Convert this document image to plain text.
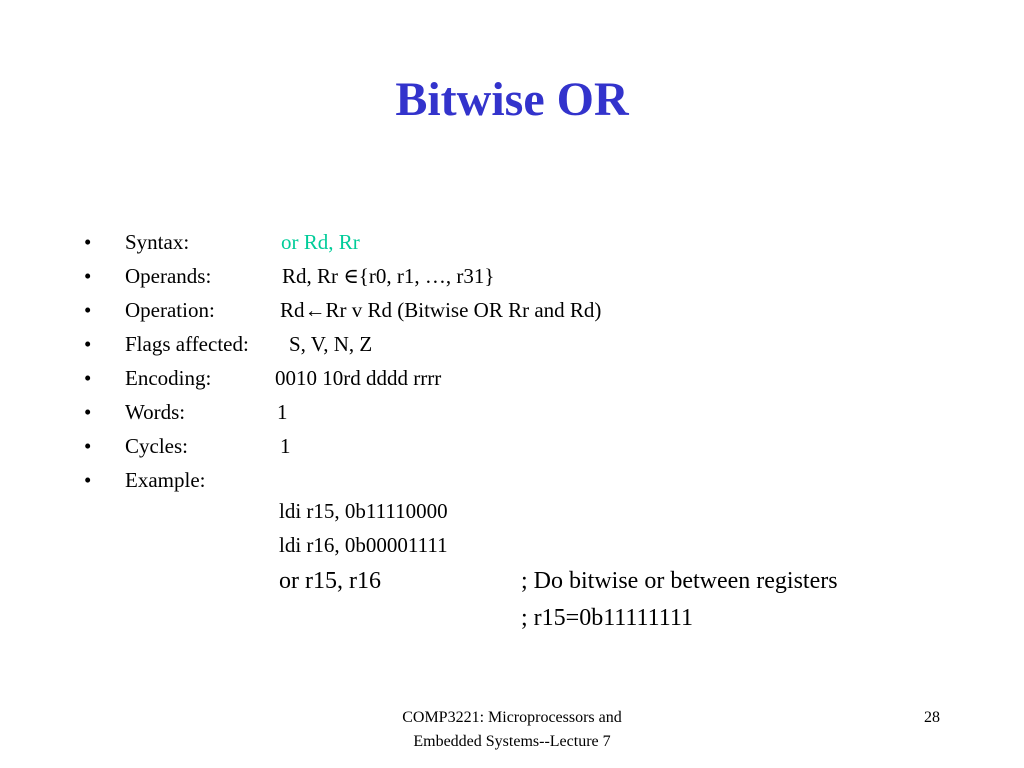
Bitwise OR
• Syntax:	or Rd, Rr
• Operands:	Rd, Rr ∈{r0, r1, …, r31}
• Operation:	Rd←Rr v Rd (Bitwise OR Rr and Rd)
• Flags affected: S, V, N, Z
• Encoding:	0010 10rd dddd rrrr
• Words:	1
• Cycles:	1
• Example:
ldi r15, 0b11110000
ldi r16, 0b00001111
or r15, r16	; Do bitwise or between registers
; r15=0b11111111
COMP3221: Microprocessors and
Embedded Systems--Lecture 7
28
